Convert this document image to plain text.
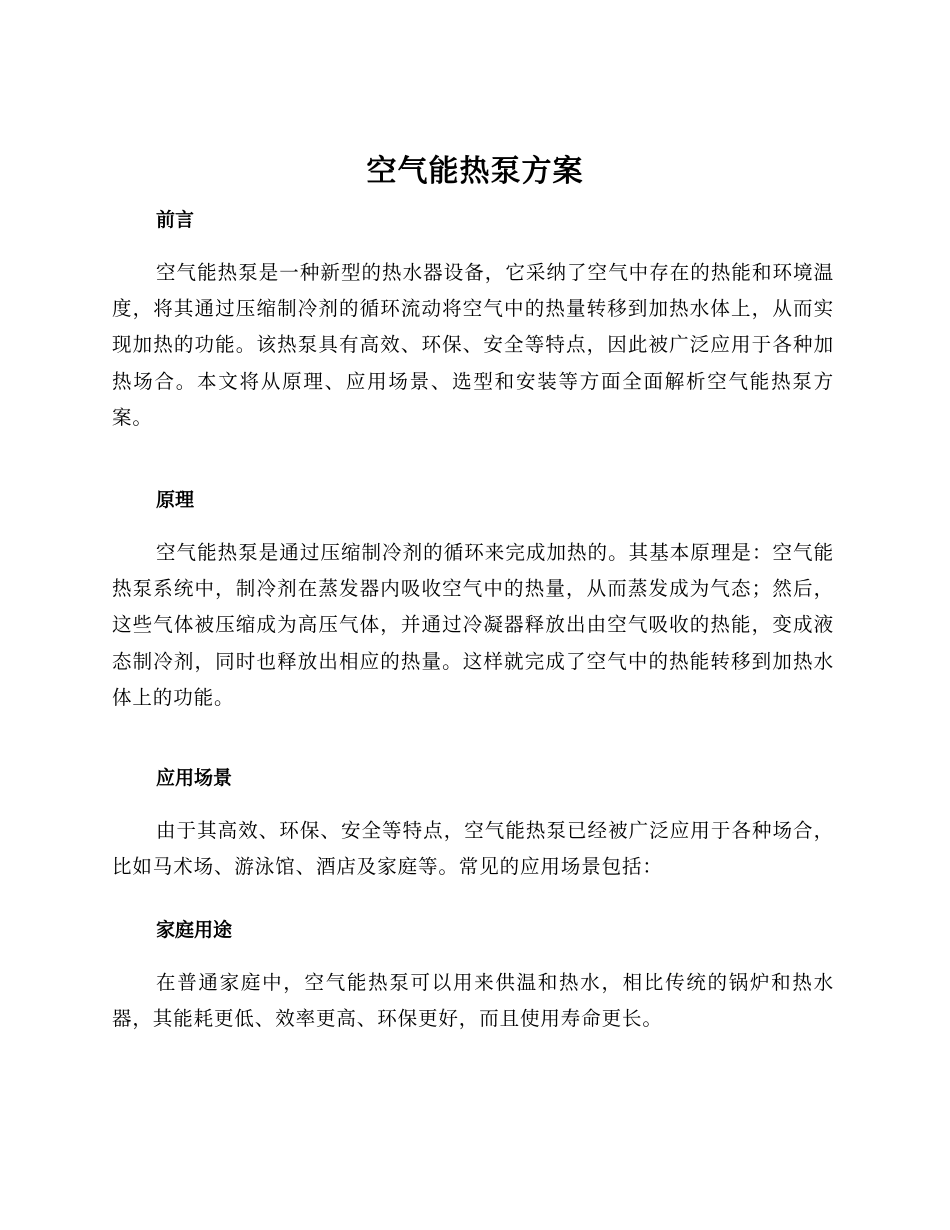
空气能热泵方案
前言

空气能热泵是一种新型的热水器设备，它采纳了空气中存在的热能和环境温度，将其通过压缩制冷剂的循环流动将空气中的热量转移到加热水体上，从而实现加热的功能。该热泵具有高效、环保、安全等特点，因此被广泛应用于各种加热场合。本文将从原理、应用场景、选型和安装等方面全面解析空气能热泵方案。

原理

空气能热泵是通过压缩制冷剂的循环来完成加热的。其基本原理是：空气能热泵系统中，制冷剂在蒸发器内吸收空气中的热量，从而蒸发成为气态；然后，这些气体被压缩成为高压气体，并通过冷凝器释放出由空气吸收的热能，变成液态制冷剂，同时也释放出相应的热量。这样就完成了空气中的热能转移到加热水体上的功能。

应用场景

由于其高效、环保、安全等特点，空气能热泵已经被广泛应用于各种场合，比如马术场、游泳馆、酒店及家庭等。常见的应用场景包括：

家庭用途

在普通家庭中，空气能热泵可以用来供温和热水，相比传统的锅炉和热水器，其能耗更低、效率更高、环保更好，而且使用寿命更长。
